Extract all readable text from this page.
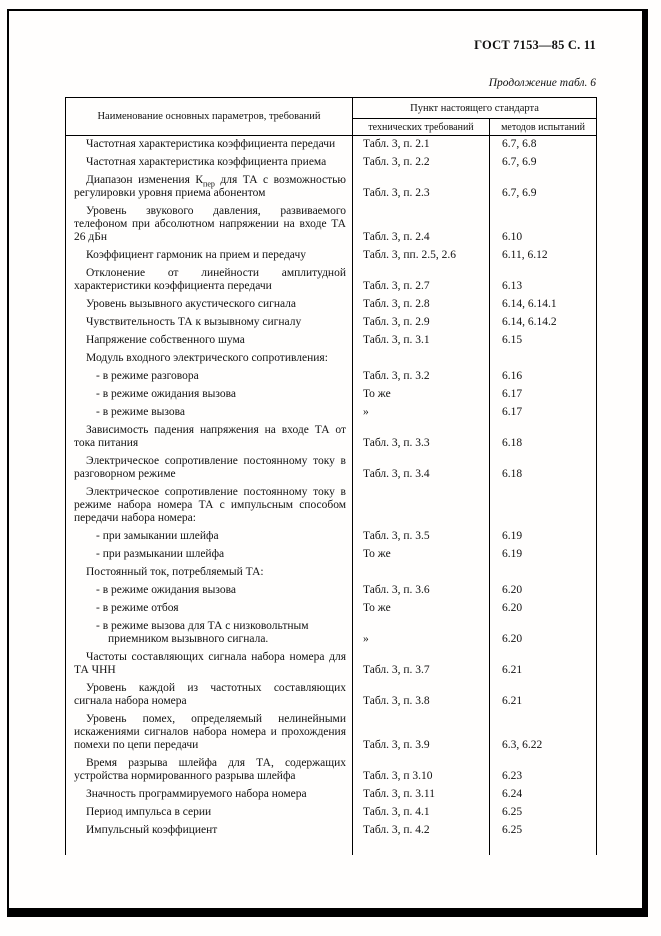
ГОСТ 7153—85 С. 11
Продолжение табл. 6
Наименование основных параметров, требований	Пункт настоящего стандарта	
	технических требований	методов испытаний
Частотная характеристика коэффициента передачи	Табл. 3, п. 2.1	6.7, 6.8
Частотная характеристика коэффициента приема	Табл. 3, п. 2.2	6.7, 6.9
Диапазон изменения $К_{пер}$ для ТА с возможностью регулировки уровня приема абонентом	Табл. 3, п. 2.3	6.7, 6.9
Уровень звукового давления, развиваемого телефоном при абсолютном напряжении на входе ТА 26 дБн	Табл. 3, п. 2.4	6.10
Коэффициент гармоник на прием и передачу	Табл. 3, пп. 2.5, 2.6	6.11, 6.12
Отклонение от линейности амплитудной характеристики коэффициента передачи	Табл. 3, п. 2.7	6.13
Уровень вызывного акустического сигнала	Табл. 3, п. 2.8	6.14, 6.14.1
Чувствительность ТА к вызывному сигналу	Табл. 3, п. 2.9	6.14, 6.14.2
Напряжение собственного шума	Табл. 3, п. 3.1	6.15
Модуль входного электрического сопротивления:		
- в режиме разговора	Табл. 3, п. 3.2	6.16
- в режиме ожидания вызова	То же	6.17
- в режиме вызова	»	6.17
Зависимость падения напряжения на входе ТА от тока питания	Табл. 3, п. 3.3	6.18
Электрическое сопротивление постоянному току в разговорном режиме	Табл. 3, п. 3.4	6.18
Электрическое сопротивление постоянному току в режиме набора номера ТА с импульсным способом передачи набора номера:		
- при замыкании шлейфа	Табл. 3, п. 3.5	6.19
- при размыкании шлейфа	То же	6.19
Постоянный ток, потребляемый ТА:		
- в режиме ожидания вызова	Табл. 3, п. 3.6	6.20
- в режиме отбоя	То же	6.20
- в режиме вызова для ТА с низковольтным приемником вызывного сигнала.	»	6.20
Частоты составляющих сигнала набора номера для ТА ЧНН	Табл. 3, п. 3.7	6.21
Уровень каждой из частотных составляющих сигнала набора номера	Табл. 3, п. 3.8	6.21
Уровень помех, определяемый нелинейными искажениями сигналов набора номера и прохождения помехи по цепи передачи	Табл. 3, п. 3.9	6.3, 6.22
Время разрыва шлейфа для ТА, содержащих устройства нормированного разрыва шлейфа	Табл. 3, п 3.10	6.23
Значность программируемого набора номера	Табл. 3, п. 3.11	6.24
Период импульса в серии	Табл. 3, п. 4.1	6.25
Импульсный коэффициент	Табл. 3, п. 4.2	6.25
